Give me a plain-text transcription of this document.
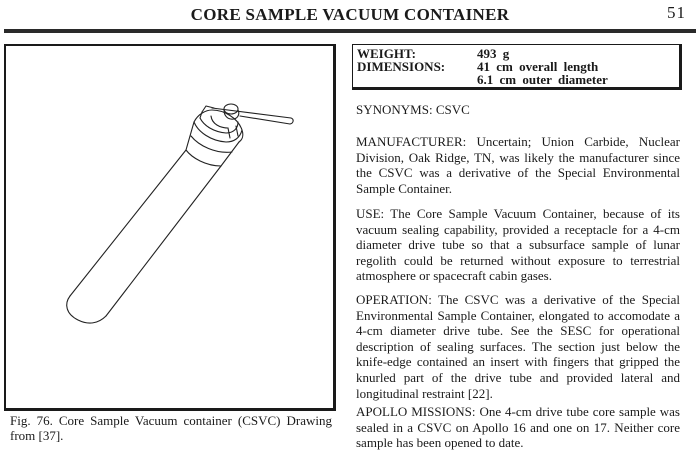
CORE SAMPLE VACUUM CONTAINER	51
Fig. 76. Core Sample Vacuum container (CSVC) Drawing from [37].
WEIGHT:	493 g
DIMENSIONS: 41 cm overall length
6.1 cm outer diameter

SYNONYMS: CSVC

MANUFACTURER: Uncertain; Union Carbide, Nuclear Division, Oak Ridge, TN, was likely the manufacturer since the CSVC was a derivative of the Special Environmental Sample Container.

USE: The Core Sample Vacuum Container, because of its vacuum sealing capability, provided a receptacle for a 4-cm diameter drive tube so that a subsurface sample of lunar regolith could be returned without exposure to terrestrial atmosphere or spacecraft cabin gases.

OPERATION: The CSVC was a derivative of the Special Environmental Sample Container, elongated to accomodate a 4-cm diameter drive tube. See the SESC for operational description of sealing surfaces. The section just below the knife-edge contained an insert with fingers that gripped the knurled part of the drive tube and provided lateral and longitudinal restraint [22].

APOLLO MISSIONS: One 4-cm drive tube core sample was sealed in a CSVC on Apollo 16 and one on 17. Neither core sample has been opened to date.
